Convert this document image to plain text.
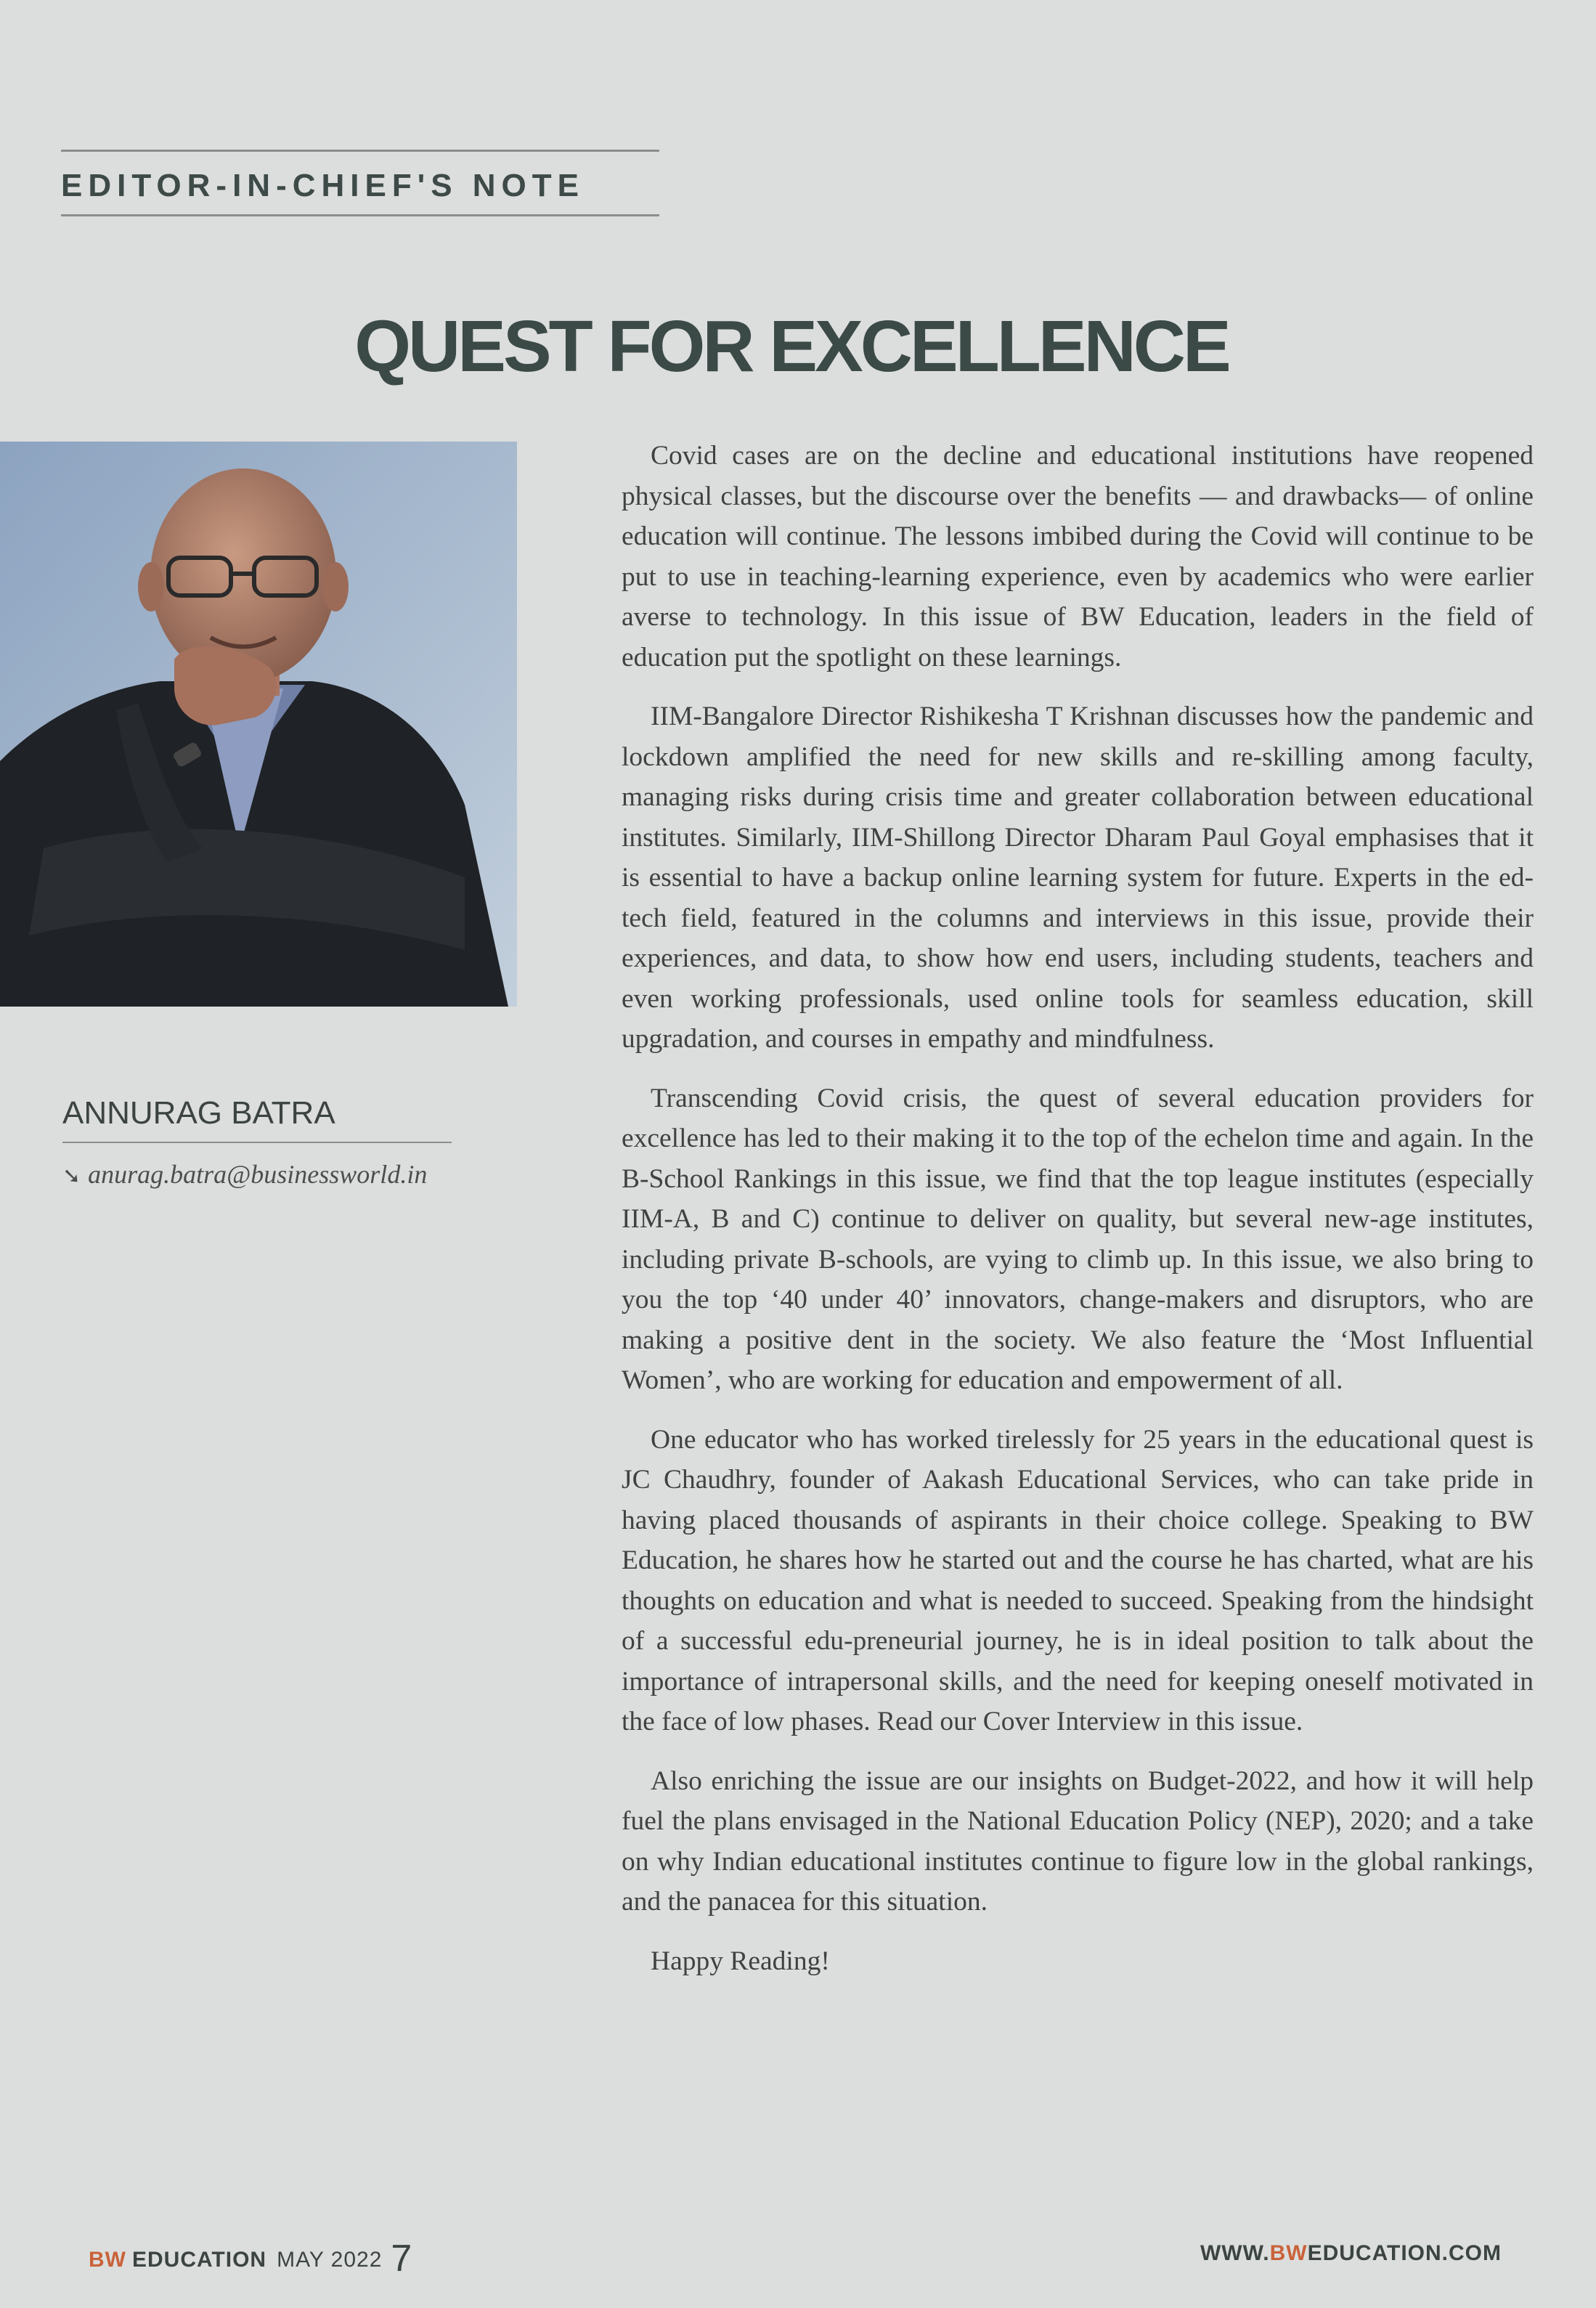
EDITOR-IN-CHIEF'S NOTE
QUEST FOR EXCELLENCE
ANNURAG BATRA
➘ anurag.batra@businessworld.in

Covid cases are on the decline and educational institutions have reopened physical classes, but the discourse over the benefits — and drawbacks— of online education will continue. The lessons imbibed during the Covid will continue to be put to use in teaching-learning experience, even by academics who were earlier averse to technology. In this issue of BW Education, leaders in the field of education put the spotlight on these learnings.

IIM-Bangalore Director Rishikesha T Krishnan discusses how the pandemic and lockdown amplified the need for new skills and re-skilling among faculty, managing risks during crisis time and greater collaboration between educational institutes. Similarly, IIM-Shillong Director Dharam Paul Goyal emphasises that it is essential to have a backup online learning system for future. Experts in the ed-tech field, featured in the columns and interviews in this issue, provide their experiences, and data, to show how end users, including students, teachers and even working professionals, used online tools for seamless education, skill upgradation, and courses in empathy and mindfulness.

Transcending Covid crisis, the quest of several education providers for excellence has led to their making it to the top of the echelon time and again. In the B-School Rankings in this issue, we find that the top league institutes (especially IIM-A, B and C) continue to deliver on quality, but several new-age institutes, including private B-schools, are vying to climb up. In this issue, we also bring to you the top ‘40 under 40’ innovators, change-makers and disruptors, who are making a positive dent in the society. We also feature the ‘Most Influential Women’, who are working for education and empowerment of all.

One educator who has worked tirelessly for 25 years in the educational quest is JC Chaudhry, founder of Aakash Educational Services, who can take pride in having placed thousands of aspirants in their choice college. Speaking to BW Education, he shares how he started out and the course he has charted, what are his thoughts on education and what is needed to succeed. Speaking from the hindsight of a successful edu-preneurial journey, he is in ideal position to talk about the importance of intrapersonal skills, and the need for keeping oneself motivated in the face of low phases. Read our Cover Interview in this issue.

Also enriching the issue are our insights on Budget-2022, and how it will help fuel the plans envisaged in the National Education Policy (NEP), 2020; and a take on why Indian educational institutes continue to figure low in the global rankings, and the panacea for this situation.

Happy Reading!

BW EDUCATION MAY 2022 7	WWW.BWEDUCATION.COM
